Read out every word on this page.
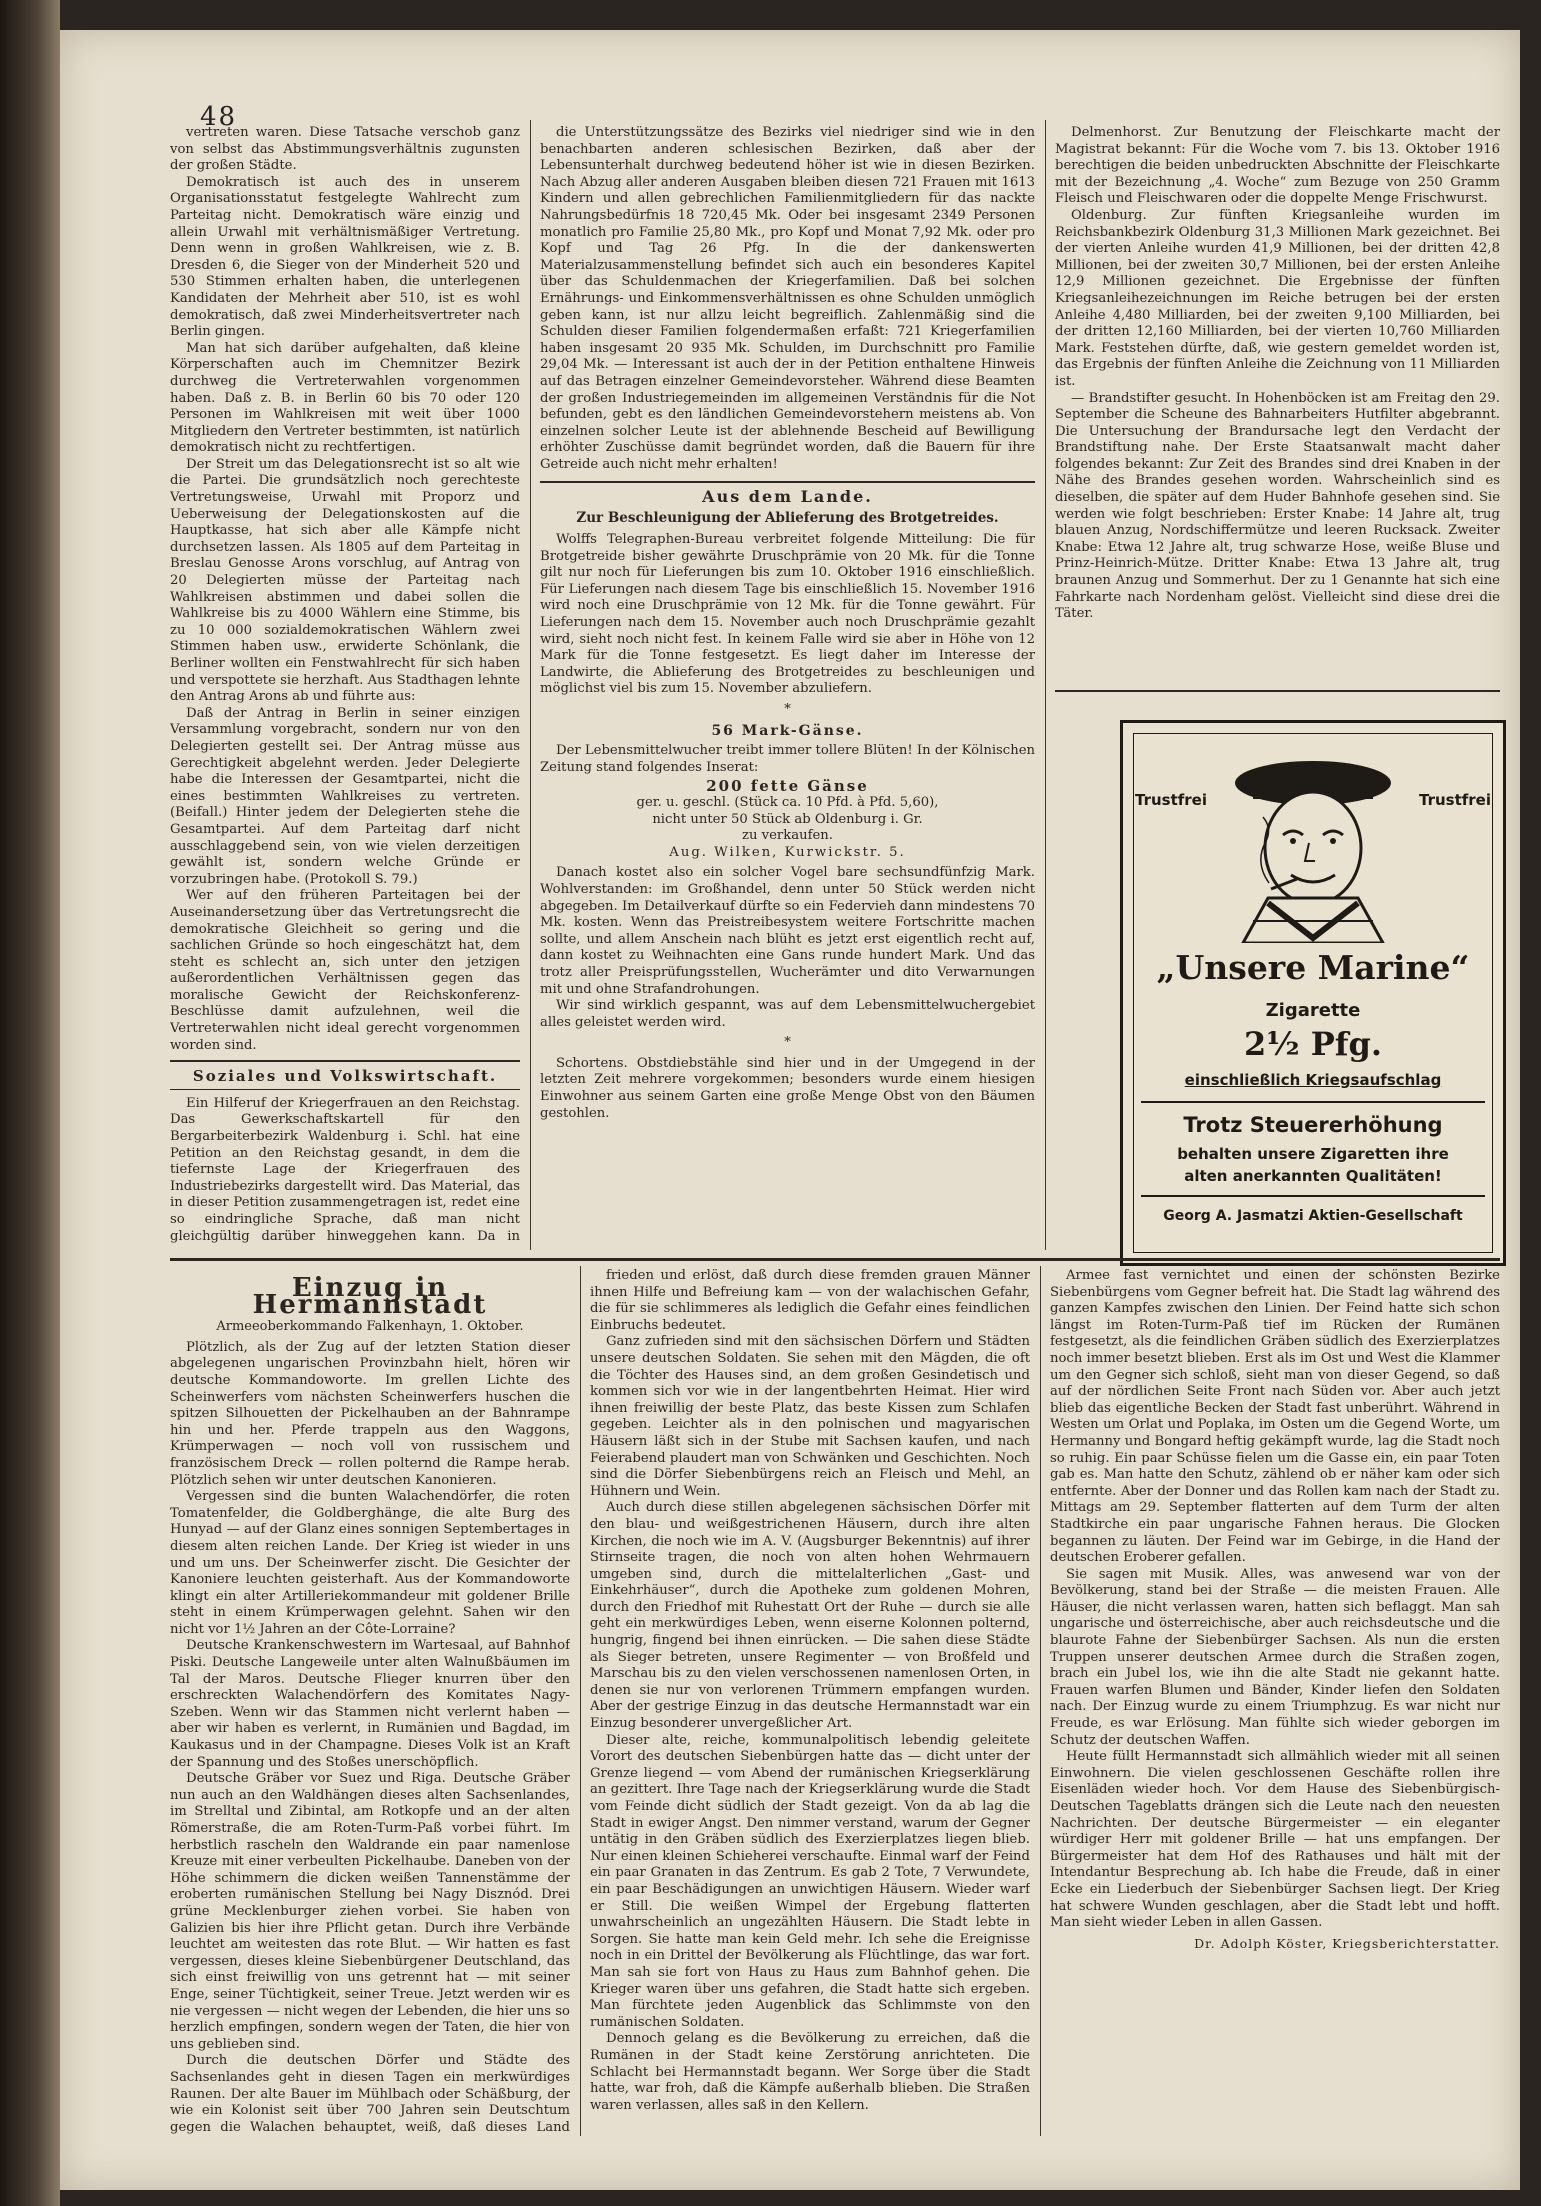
48

vertreten waren. Diese Tatsache verschob ganz von selbst das Abstimmungsverhältnis zugunsten der großen Städte.

Demokratisch ist auch des in unserem Organisationsstatut festgelegte Wahlrecht zum Parteitag nicht. Demokratisch wäre einzig und allein Urwahl mit verhältnismäßiger Vertretung. Denn wenn in großen Wahlkreisen, wie z. B. Dresden 6, die Sieger von der Minderheit 520 und 530 Stimmen erhalten haben, die unterlegenen Kandidaten der Mehrheit aber 510, ist es wohl demokratisch, daß zwei Minderheitsvertreter nach Berlin gingen.

Man hat sich darüber aufgehalten, daß kleine Körperschaften auch im Chemnitzer Bezirk durchweg die Vertreterwahlen vorgenommen haben. Daß z. B. in Berlin 60 bis 70 oder 120 Personen im Wahlkreisen mit weit über 1000 Mitgliedern den Vertreter bestimmten, ist natürlich demokratisch nicht zu rechtfertigen.

Der Streit um das Delegationsrecht ist so alt wie die Partei. Die grundsätzlich noch gerechteste Vertretungsweise, Urwahl mit Proporz und Ueberweisung der Delegationskosten auf die Hauptkasse, hat sich aber alle Kämpfe nicht durchsetzen lassen. Als 1805 auf dem Parteitag in Breslau Genosse Arons vorschlug, auf Antrag von 20 Delegierten müsse der Parteitag nach Wahlkreisen abstimmen und dabei sollen die Wahlkreise bis zu 4000 Wählern eine Stimme, bis zu 10 000 sozialdemokratischen Wählern zwei Stimmen haben usw., erwiderte Schönlank, die Berliner wollten ein Fenstwahlrecht für sich haben und verspottete sie herzhaft. Aus Stadthagen lehnte den Antrag Arons ab und führte aus:

Daß der Antrag in Berlin in seiner einzigen Versammlung vorgebracht, sondern nur von den Delegierten gestellt sei. Der Antrag müsse aus Gerechtigkeit abgelehnt werden. Jeder Delegierte habe die Interessen der Gesamtpartei, nicht die eines bestimmten Wahlkreises zu vertreten. (Beifall.) Hinter jedem der Delegierten stehe die Gesamtpartei. Auf dem Parteitag darf nicht ausschlaggebend sein, von wie vielen derzeitigen gewählt ist, sondern welche Gründe er vorzubringen habe. (Protokoll S. 79.)

Wer auf den früheren Parteitagen bei der Auseinandersetzung über das Vertretungsrecht die demokratische Gleichheit so gering und die sachlichen Gründe so hoch eingeschätzt hat, dem steht es schlecht an, sich unter den jetzigen außerordentlichen Verhältnissen gegen das moralische Gewicht der Reichskonferenz-Beschlüsse damit aufzulehnen, weil die Vertreterwahlen nicht ideal gerecht vorgenommen worden sind.

Soziales und Volkswirtschaft.

Ein Hilferuf der Kriegerfrauen an den Reichstag. Das Gewerkschaftskartell für den Bergarbeiterbezirk Waldenburg i. Schl. hat eine Petition an den Reichstag gesandt, in dem die tiefernste Lage der Kriegerfrauen des Industriebezirks dargestellt wird. Das Material, das in dieser Petition zusammengetragen ist, redet eine so eindringliche Sprache, daß man nicht gleichgültig darüber hinweggehen kann. Da in

die Unterstützungssätze des Bezirks viel niedriger sind wie in den benachbarten anderen schlesischen Bezirken, daß aber der Lebensunterhalt durchweg bedeutend höher ist wie in diesen Bezirken. Nach Abzug aller anderen Ausgaben bleiben diesen 721 Frauen mit 1613 Kindern und allen gebrechlichen Familienmitgliedern für das nackte Nahrungsbedürfnis 18 720,45 Mk. Oder bei insgesamt 2349 Personen monatlich pro Familie 25,80 Mk., pro Kopf und Monat 7,92 Mk. oder pro Kopf und Tag 26 Pfg. In die der dankenswerten Materialzusammenstellung befindet sich auch ein besonderes Kapitel über das Schuldenmachen der Kriegerfamilien. Daß bei solchen Ernährungs- und Einkommensverhältnissen es ohne Schulden unmöglich geben kann, ist nur allzu leicht begreiflich. Zahlenmäßig sind die Schulden dieser Familien folgendermaßen erfaßt: 721 Kriegerfamilien haben insgesamt 20 935 Mk. Schulden, im Durchschnitt pro Familie 29,04 Mk. — Interessant ist auch der in der Petition enthaltene Hinweis auf das Betragen einzelner Gemeindevorsteher. Während diese Beamten der großen Industriegemeinden im allgemeinen Verständnis für die Not befunden, gebt es den ländlichen Gemeindevorstehern meistens ab. Von einzelnen solcher Leute ist der ablehnende Bescheid auf Bewilligung erhöhter Zuschüsse damit begründet worden, daß die Bauern für ihre Getreide auch nicht mehr erhalten!

Aus dem Lande.
Zur Beschleunigung der Ablieferung des Brotgetreides.

Wolffs Telegraphen-Bureau verbreitet folgende Mitteilung: Die für Brotgetreide bisher gewährte Druschprämie von 20 Mk. für die Tonne gilt nur noch für Lieferungen bis zum 10. Oktober 1916 einschließlich. Für Lieferungen nach diesem Tage bis einschließlich 15. November 1916 wird noch eine Druschprämie von 12 Mk. für die Tonne gewährt. Für Lieferungen nach dem 15. November auch noch Druschprämie gezahlt wird, sieht noch nicht fest. In keinem Falle wird sie aber in Höhe von 12 Mark für die Tonne festgesetzt. Es liegt daher im Interesse der Landwirte, die Ablieferung des Brotgetreides zu beschleunigen und möglichst viel bis zum 15. November abzuliefern.

*
56 Mark-Gänse.

Der Lebensmittelwucher treibt immer tollere Blüten! In der Kölnischen Zeitung stand folgendes Inserat:

200 fette Gänse
ger. u. geschl. (Stück ca. 10 Pfd. à Pfd. 5,60),
nicht unter 50 Stück ab Oldenburg i. Gr.
zu verkaufen.
Aug. Wilken, Kurwickstr. 5.

Danach kostet also ein solcher Vogel bare sechsundfünfzig Mark. Wohlverstanden: im Großhandel, denn unter 50 Stück werden nicht abgegeben. Im Detailverkauf dürfte so ein Federvieh dann mindestens 70 Mk. kosten. Wenn das Preistreibesystem weitere Fortschritte machen sollte, und allem Anschein nach blüht es jetzt erst eigentlich recht auf, dann kostet zu Weihnachten eine Gans runde hundert Mark. Und das trotz aller Preisprüfungsstellen, Wucherämter und dito Verwarnungen mit und ohne Strafandrohungen.

Wir sind wirklich gespannt, was auf dem Lebensmittelwuchergebiet alles geleistet werden wird.

*

Schortens. Obstdiebstähle sind hier und in der Umgegend in der letzten Zeit mehrere vorgekommen; besonders wurde einem hiesigen Einwohner aus seinem Garten eine große Menge Obst von den Bäumen gestohlen.

Delmenhorst. Zur Benutzung der Fleischkarte macht der Magistrat bekannt: Für die Woche vom 7. bis 13. Oktober 1916 berechtigen die beiden unbedruckten Abschnitte der Fleischkarte mit der Bezeichnung „4. Woche“ zum Bezuge von 250 Gramm Fleisch und Fleischwaren oder die doppelte Menge Frischwurst.

Oldenburg. Zur fünften Kriegsanleihe wurden im Reichsbankbezirk Oldenburg 31,3 Millionen Mark gezeichnet. Bei der vierten Anleihe wurden 41,9 Millionen, bei der dritten 42,8 Millionen, bei der zweiten 30,7 Millionen, bei der ersten Anleihe 12,9 Millionen gezeichnet. Die Ergebnisse der fünften Kriegsanleihezeichnungen im Reiche betrugen bei der ersten Anleihe 4,480 Milliarden, bei der zweiten 9,100 Milliarden, bei der dritten 12,160 Milliarden, bei der vierten 10,760 Milliarden Mark. Feststehen dürfte, daß, wie gestern gemeldet worden ist, das Ergebnis der fünften Anleihe die Zeichnung von 11 Milliarden ist.

— Brandstifter gesucht. In Hohenböcken ist am Freitag den 29. September die Scheune des Bahnarbeiters Hutfilter abgebrannt. Die Untersuchung der Brandursache legt den Verdacht der Brandstiftung nahe. Der Erste Staatsanwalt macht daher folgendes bekannt: Zur Zeit des Brandes sind drei Knaben in der Nähe des Brandes gesehen worden. Wahrscheinlich sind es dieselben, die später auf dem Huder Bahnhofe gesehen sind. Sie werden wie folgt beschrieben: Erster Knabe: 14 Jahre alt, trug blauen Anzug, Nordschiffermütze und leeren Rucksack. Zweiter Knabe: Etwa 12 Jahre alt, trug schwarze Hose, weiße Bluse und Prinz-Heinrich-Mütze. Dritter Knabe: Etwa 13 Jahre alt, trug braunen Anzug und Sommerhut. Der zu 1 Genannte hat sich eine Fahrkarte nach Nordenham gelöst. Vielleicht sind diese drei die Täter.

Trustfrei	Trustfrei
„Unsere Marine“
Zigarette
2½ Pfg.
einschließlich Kriegsaufschlag
Trotz Steuererhöhung
behalten unsere Zigaretten ihre
alten anerkannten Qualitäten!
Georg A. Jasmatzi Aktien-Gesellschaft
Einzug in Hermannstadt
Armeeoberkommando Falkenhayn, 1. Oktober.

Plötzlich, als der Zug auf der letzten Station dieser abgelegenen ungarischen Provinzbahn hielt, hören wir deutsche Kommandoworte. Im grellen Lichte des Scheinwerfers vom nächsten Scheinwerfers huschen die spitzen Silhouetten der Pickelhauben an der Bahnrampe hin und her. Pferde trappeln aus den Waggons, Krümperwagen — noch voll von russischem und französischem Dreck — rollen polternd die Rampe herab. Plötzlich sehen wir unter deutschen Kanonieren.

Vergessen sind die bunten Walachendörfer, die roten Tomatenfelder, die Goldberghänge, die alte Burg des Hunyad — auf der Glanz eines sonnigen Septembertages in diesem alten reichen Lande. Der Krieg ist wieder in uns und um uns. Der Scheinwerfer zischt. Die Gesichter der Kanoniere leuchten geisterhaft. Aus der Kommandoworte klingt ein alter Artilleriekommandeur mit goldener Brille steht in einem Krümperwagen gelehnt. Sahen wir den nicht vor 1½ Jahren an der Côte-Lorraine?

Deutsche Krankenschwestern im Wartesaal, auf Bahnhof Piski. Deutsche Langeweile unter alten Walnußbäumen im Tal der Maros. Deutsche Flieger knurren über den erschreckten Walachendörfern des Komitates Nagy-Szeben. Wenn wir das Stammen nicht verlernt haben — aber wir haben es verlernt, in Rumänien und Bagdad, im Kaukasus und in der Champagne. Dieses Volk ist an Kraft der Spannung und des Stoßes unerschöpflich.

Deutsche Gräber vor Suez und Riga. Deutsche Gräber nun auch an den Waldhängen dieses alten Sachsenlandes, im Strelltal und Zibintal, am Rotkopfe und an der alten Römerstraße, die am Roten-Turm-Paß vorbei führt. Im herbstlich rascheln den Waldrande ein paar namenlose Kreuze mit einer verbeulten Pickelhaube. Daneben von der Höhe schimmern die dicken weißen Tannenstämme der eroberten rumänischen Stellung bei Nagy Disznód. Drei grüne Mecklenburger ziehen vorbei. Sie haben von Galizien bis hier ihre Pflicht getan. Durch ihre Verbände leuchtet am weitesten das rote Blut. — Wir hatten es fast vergessen, dieses kleine Siebenbürgener Deutschland, das sich einst freiwillig von uns getrennt hat — mit seiner Enge, seiner Tüchtigkeit, seiner Treue. Jetzt werden wir es nie vergessen — nicht wegen der Lebenden, die hier uns so herzlich empfingen, sondern wegen der Taten, die hier von uns geblieben sind.

Durch die deutschen Dörfer und Städte des Sachsenlandes geht in diesen Tagen ein merkwürdiges Raunen. Der alte Bauer im Mühlbach oder Schäßburg, der wie ein Kolonist seit über 700 Jahren sein Deutschtum gegen die Walachen behauptet, weiß, daß dieses Land

frieden und erlöst, daß durch diese fremden grauen Männer ihnen Hilfe und Befreiung kam — von der walachischen Gefahr, die für sie schlimmeres als lediglich die Gefahr eines feindlichen Einbruchs bedeutet.

Ganz zufrieden sind mit den sächsischen Dörfern und Städten unsere deutschen Soldaten. Sie sehen mit den Mägden, die oft die Töchter des Hauses sind, an dem großen Gesindetisch und kommen sich vor wie in der langentbehrten Heimat. Hier wird ihnen freiwillig der beste Platz, das beste Kissen zum Schlafen gegeben. Leichter als in den polnischen und magyarischen Häusern läßt sich in der Stube mit Sachsen kaufen, und nach Feierabend plaudert man von Schwänken und Geschichten. Noch sind die Dörfer Siebenbürgens reich an Fleisch und Mehl, an Hühnern und Wein.

Auch durch diese stillen abgelegenen sächsischen Dörfer mit den blau- und weißgestrichenen Häusern, durch ihre alten Kirchen, die noch wie im A. V. (Augsburger Bekenntnis) auf ihrer Stirnseite tragen, die noch von alten hohen Wehrmauern umgeben sind, durch die mittelalterlichen „Gast- und Einkehrhäuser“, durch die Apotheke zum goldenen Mohren, durch den Friedhof mit Ruhestatt Ort der Ruhe — durch sie alle geht ein merkwürdiges Leben, wenn eiserne Kolonnen polternd, hungrig, fingend bei ihnen einrücken. — Die sahen diese Städte als Sieger betreten, unsere Regimenter — von Broßfeld und Marschau bis zu den vielen verschossenen namenlosen Orten, in denen sie nur von verlorenen Trümmern empfangen wurden. Aber der gestrige Einzug in das deutsche Hermannstadt war ein Einzug besonderer unvergeßlicher Art.

Dieser alte, reiche, kommunalpolitisch lebendig geleitete Vorort des deutschen Siebenbürgen hatte das — dicht unter der Grenze liegend — vom Abend der rumänischen Kriegserklärung an gezittert. Ihre Tage nach der Kriegserklärung wurde die Stadt vom Feinde dicht südlich der Stadt gezeigt. Von da ab lag die Stadt in ewiger Angst. Den nimmer verstand, warum der Gegner untätig in den Gräben südlich des Exerzierplatzes liegen blieb. Nur einen kleinen Schieherei verschaufte. Einmal warf der Feind ein paar Granaten in das Zentrum. Es gab 2 Tote, 7 Verwundete, ein paar Beschädigungen an unwichtigen Häusern. Wieder warf er Still. Die weißen Wimpel der Ergebung flatterten unwahrscheinlich an ungezählten Häusern. Die Stadt lebte in Sorgen. Sie hatte man kein Geld mehr. Ich sehe die Ereignisse noch in ein Drittel der Bevölkerung als Flüchtlinge, das war fort. Man sah sie fort von Haus zu Haus zum Bahnhof gehen. Die Krieger waren über uns gefahren, die Stadt hatte sich ergeben. Man fürchtete jeden Augenblick das Schlimmste von den rumänischen Soldaten.

Dennoch gelang es die Bevölkerung zu erreichen, daß die Rumänen in der Stadt keine Zerstörung anrichteten. Die Schlacht bei Hermannstadt begann. Wer Sorge über die Stadt hatte, war froh, daß die Kämpfe außerhalb blieben. Die Straßen waren verlassen, alles saß in den Kellern.

Armee fast vernichtet und einen der schönsten Bezirke Siebenbürgens vom Gegner befreit hat. Die Stadt lag während des ganzen Kampfes zwischen den Linien. Der Feind hatte sich schon längst im Roten-Turm-Paß tief im Rücken der Rumänen festgesetzt, als die feindlichen Gräben südlich des Exerzierplatzes noch immer besetzt blieben. Erst als im Ost und West die Klammer um den Gegner sich schloß, sieht man von dieser Gegend, so daß auf der nördlichen Seite Front nach Süden vor. Aber auch jetzt blieb das eigentliche Becken der Stadt fast unberührt. Während in Westen um Orlat und Poplaka, im Osten um die Gegend Worte, um Hermanny und Bongard heftig gekämpft wurde, lag die Stadt noch so ruhig. Ein paar Schüsse fielen um die Gasse ein, ein paar Toten gab es. Man hatte den Schutz, zählend ob er näher kam oder sich entfernte. Aber der Donner und das Rollen kam nach der Stadt zu. Mittags am 29. September flatterten auf dem Turm der alten Stadtkirche ein paar ungarische Fahnen heraus. Die Glocken begannen zu läuten. Der Feind war im Gebirge, in die Hand der deutschen Eroberer gefallen.

Sie sagen mit Musik. Alles, was anwesend war von der Bevölkerung, stand bei der Straße — die meisten Frauen. Alle Häuser, die nicht verlassen waren, hatten sich beflaggt. Man sah ungarische und österreichische, aber auch reichsdeutsche und die blaurote Fahne der Siebenbürger Sachsen. Als nun die ersten Truppen unserer deutschen Armee durch die Straßen zogen, brach ein Jubel los, wie ihn die alte Stadt nie gekannt hatte. Frauen warfen Blumen und Bänder, Kinder liefen den Soldaten nach. Der Einzug wurde zu einem Triumphzug. Es war nicht nur Freude, es war Erlösung. Man fühlte sich wieder geborgen im Schutz der deutschen Waffen.

Heute füllt Hermannstadt sich allmählich wieder mit all seinen Einwohnern. Die vielen geschlossenen Geschäfte rollen ihre Eisenläden wieder hoch. Vor dem Hause des Siebenbürgisch-Deutschen Tageblatts drängen sich die Leute nach den neuesten Nachrichten. Der deutsche Bürgermeister — ein eleganter würdiger Herr mit goldener Brille — hat uns empfangen. Der Bürgermeister hat dem Hof des Rathauses und hält mit der Intendantur Besprechung ab. Ich habe die Freude, daß in einer Ecke ein Liederbuch der Siebenbürger Sachsen liegt. Der Krieg hat schwere Wunden geschlagen, aber die Stadt lebt und hofft. Man sieht wieder Leben in allen Gassen.

Dr. Adolph Köster, Kriegsberichterstatter.
